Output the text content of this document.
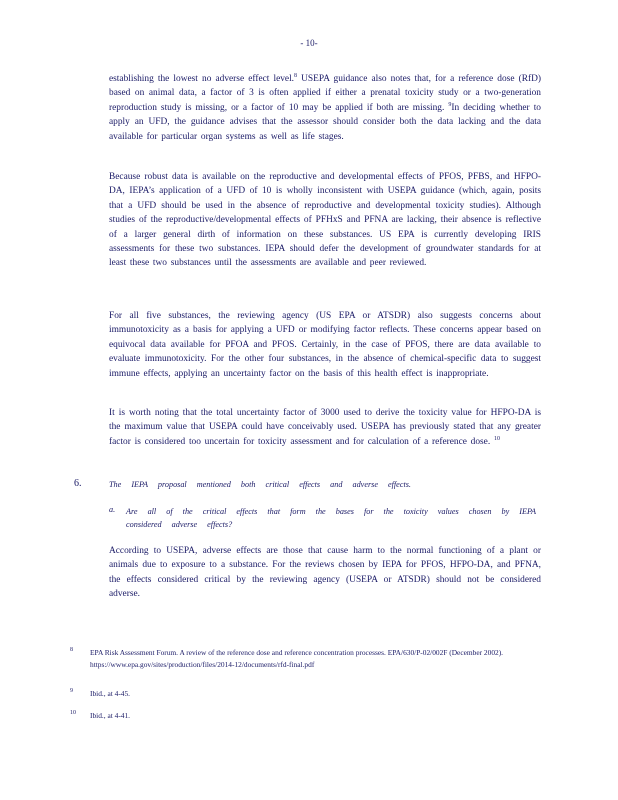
- 10-

establishing the lowest no adverse effect level.$^8$ USEPA guidance also notes that, for a reference dose (RfD) based on animal data, a factor of 3 is often applied if either a prenatal toxicity study or a two-generation reproduction study is missing, or a factor of 10 may be applied if both are missing. $^9$In deciding whether to apply an UFD, the guidance advises that the assessor should consider both the data lacking and the data available for particular organ systems as well as life stages.

Because robust data is available on the reproductive and developmental effects of PFOS, PFBS, and HFPO-DA, IEPA’s application of a UFD of 10 is wholly inconsistent with USEPA guidance (which, again, posits that a UFD should be used in the absence of reproductive and developmental toxicity studies). Although studies of the reproductive/developmental effects of PFHxS and PFNA are lacking, their absence is reflective of a larger general dirth of information on these substances. US EPA is currently developing IRIS assessments for these two substances. IEPA should defer the development of groundwater standards for at least these two substances until the assessments are available and peer reviewed.

For all five substances, the reviewing agency (US EPA or ATSDR) also suggests concerns about immunotoxicity as a basis for applying a UFD or modifying factor reflects. These concerns appear based on equivocal data available for PFOA and PFOS. Certainly, in the case of PFOS, there are data available to evaluate immunotoxicity. For the other four substances, in the absence of chemical-specific data to suggest immune effects, applying an uncertainty factor on the basis of this health effect is inappropriate.

It is worth noting that the total uncertainty factor of 3000 used to derive the toxicity value for HFPO-DA is the maximum value that USEPA could have conceivably used. USEPA has previously stated that any greater factor is considered too uncertain for toxicity assessment and for calculation of a reference dose. $^{10}$

6.	The IEPA proposal mentioned both critical effects and adverse effects.
a. Are all of the critical effects that form the bases for the toxicity values chosen by IEPA considered adverse effects?

According to USEPA, adverse effects are those that cause harm to the normal functioning of a plant or animals due to exposure to a substance. For the reviews chosen by IEPA for PFOS, HFPO-DA, and PFNA, the effects considered critical by the reviewing agency (USEPA or ATSDR) should not be considered adverse.

8 EPA Risk Assessment Forum. A review of the reference dose and reference concentration processes. EPA/630/P-02/002F (December 2002). https://www.epa.gov/sites/production/files/2014-12/documents/rfd-final.pdf
9 Ibid., at 4-45.
10 Ibid., at 4-41.
